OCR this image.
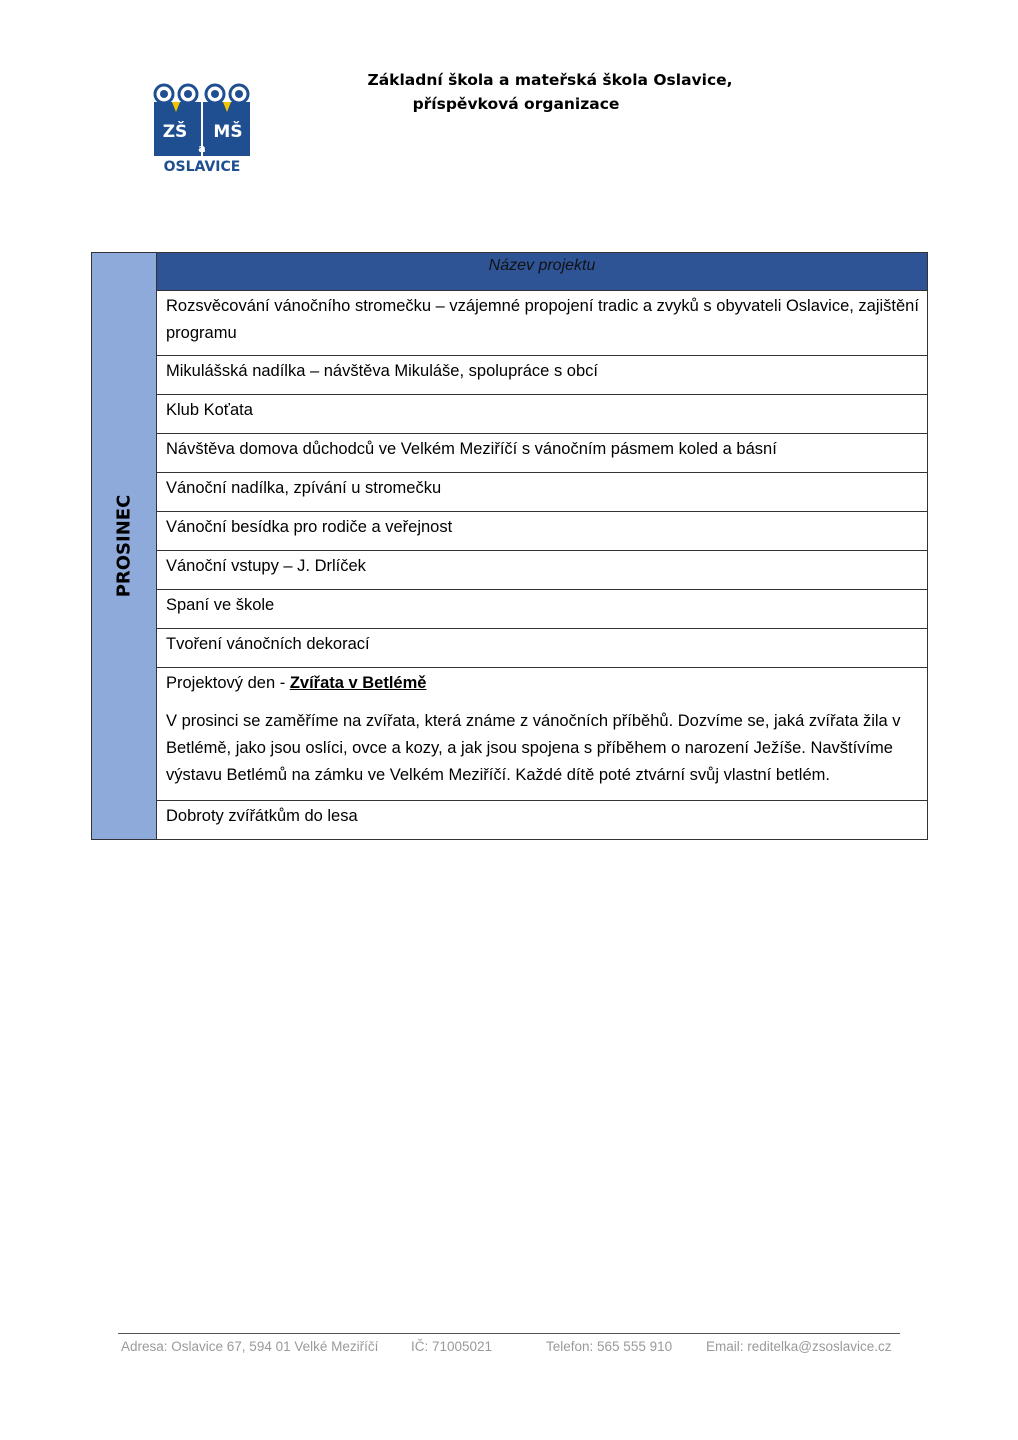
ZŠ MŠ
a
OSLAVICE
Základní škola a mateřská škola Oslavice,
příspěvková organizace
PROSINEC
	Název projektu
Rozsvěcování vánočního stromečku – vzájemné propojení tradic a zvyků s obyvateli Oslavice, zajištění programu
Mikulášská nadílka – návštěva Mikuláše, spolupráce s obcí
Klub Koťata
Návštěva domova důchodců ve Velkém Meziříčí s vánočním pásmem koled a básní
Vánoční nadílka, zpívání u stromečku
Vánoční besídka pro rodiče a veřejnost
Vánoční vstupy – J. Drlíček
Spaní ve škole
Tvoření vánočních dekorací
Projektový den - Zvířata v Betlémě
V prosinci se zaměříme na zvířata, která známe z vánočních příběhů. Dozvíme se, jaká zvířata žila v Betlémě, jako jsou oslíci, ovce a kozy, a jak jsou spojena s příběhem o narození Ježíše. Navštívíme výstavu Betlémů na zámku ve Velkém Meziříčí. Každé dítě poté ztvární svůj vlastní betlém.

Dobroty zvířátkům do lesa
Adresa: Oslavice 67, 594 01 Velké Meziříčí IČ: 71005021	Telefon: 565 555 910	Email: reditelka@zsoslavice.cz
